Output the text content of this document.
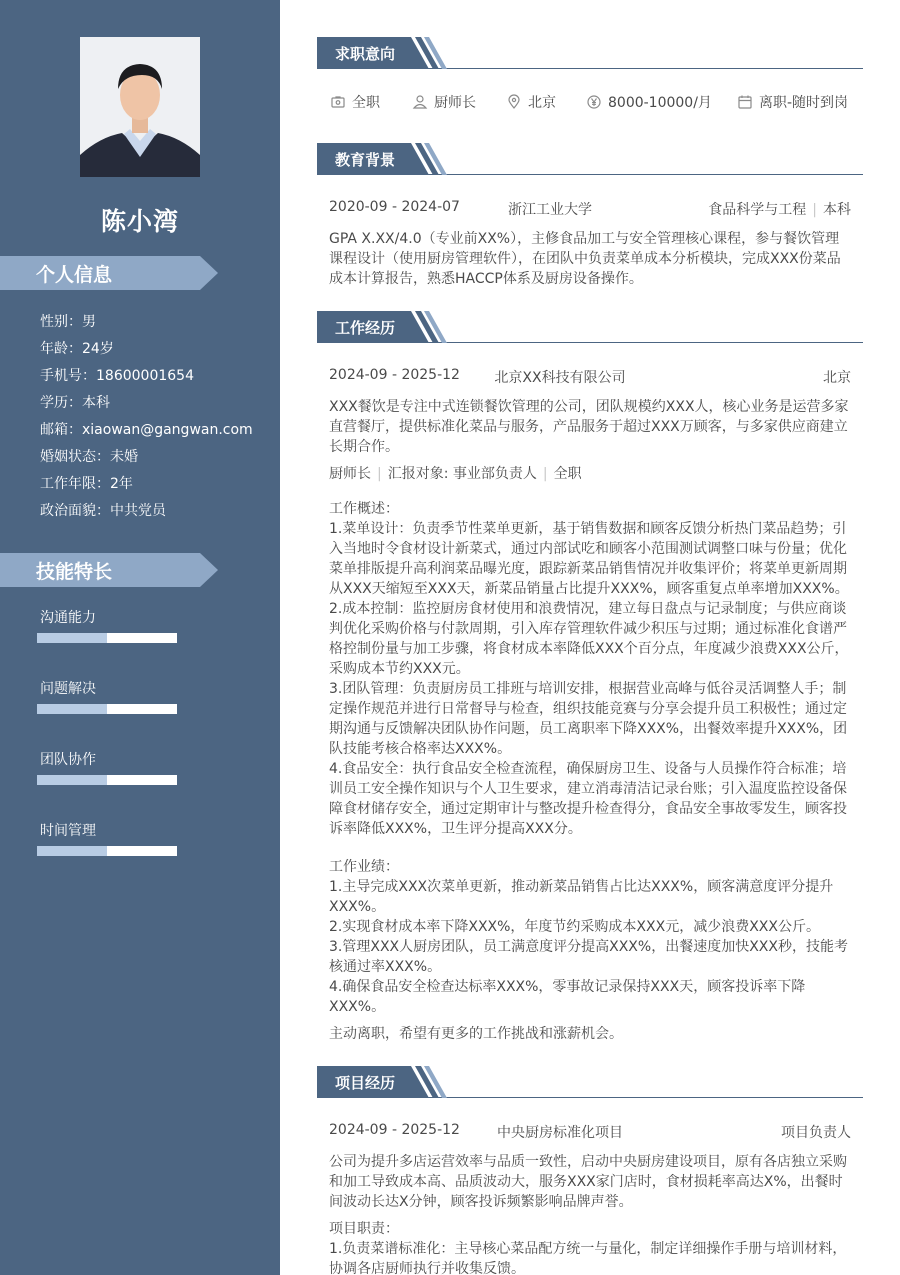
陈小湾
个人信息
性别：男
年龄：24岁
手机号：18600001654
学历：本科
邮箱：xiaowan@gangwan.com
婚姻状态：未婚
工作年限：2年
政治面貌：中共党员
技能特长
沟通能力
问题解决
团队协作
时间管理
求职意向
全职	厨师长	北京	8000-10000/月	离职-随时到岗
教育背景
2020-09 - 2024-07	浙江工业大学	食品科学与工程 | 本科
GPA X.XX/4.0（专业前XX%），主修食品加工与安全管理核心课程，参与餐饮管理
课程设计（使用厨房管理软件），在团队中负责菜单成本分析模块，完成XXX份菜品
成本计算报告，熟悉HACCP体系及厨房设备操作。
工作经历
2024-09 - 2025-12	北京XX科技有限公司	北京
XXX餐饮是专注中式连锁餐饮管理的公司，团队规模约XXX人，核心业务是运营多家
直营餐厅，提供标准化菜品与服务，产品服务于超过XXX万顾客，与多家供应商建立
长期合作。
厨师长 | 汇报对象: 事业部负责人 | 全职
工作概述：
1.菜单设计：负责季节性菜单更新，基于销售数据和顾客反馈分析热门菜品趋势；引
入当地时令食材设计新菜式，通过内部试吃和顾客小范围测试调整口味与份量；优化
菜单排版提升高利润菜品曝光度，跟踪新菜品销售情况并收集评价；将菜单更新周期
从XXX天缩短至XXX天，新菜品销量占比提升XXX%，顾客重复点单率增加XXX%。
2.成本控制：监控厨房食材使用和浪费情况，建立每日盘点与记录制度；与供应商谈
判优化采购价格与付款周期，引入库存管理软件减少积压与过期；通过标准化食谱严
格控制份量与加工步骤，将食材成本率降低XXX个百分点，年度减少浪费XXX公斤，
采购成本节约XXX元。
3.团队管理：负责厨房员工排班与培训安排，根据营业高峰与低谷灵活调整人手；制
定操作规范并进行日常督导与检查，组织技能竞赛与分享会提升员工积极性；通过定
期沟通与反馈解决团队协作问题，员工离职率下降XXX%，出餐效率提升XXX%，团
队技能考核合格率达XXX%。
4.食品安全：执行食品安全检查流程，确保厨房卫生、设备与人员操作符合标准；培
训员工安全操作知识与个人卫生要求，建立消毒清洁记录台账；引入温度监控设备保
障食材储存安全，通过定期审计与整改提升检查得分，食品安全事故零发生，顾客投
诉率降低XXX%，卫生评分提高XXX分。
工作业绩：
1.主导完成XXX次菜单更新，推动新菜品销售占比达XXX%，顾客满意度评分提升
XXX%。
2.实现食材成本率下降XXX%，年度节约采购成本XXX元，减少浪费XXX公斤。
3.管理XXX人厨房团队，员工满意度评分提高XXX%，出餐速度加快XXX秒，技能考
核通过率XXX%。
4.确保食品安全检查达标率XXX%，零事故记录保持XXX天，顾客投诉率下降
XXX%。
主动离职，希望有更多的工作挑战和涨薪机会。
项目经历
2024-09 - 2025-12	中央厨房标准化项目	项目负责人
公司为提升多店运营效率与品质一致性，启动中央厨房建设项目，原有各店独立采购
和加工导致成本高、品质波动大，服务XXX家门店时，食材损耗率高达X%，出餐时
间波动长达X分钟，顾客投诉频繁影响品牌声誉。
项目职责：
1.负责菜谱标准化：主导核心菜品配方统一与量化，制定详细操作手册与培训材料，
协调各店厨师执行并收集反馈。
